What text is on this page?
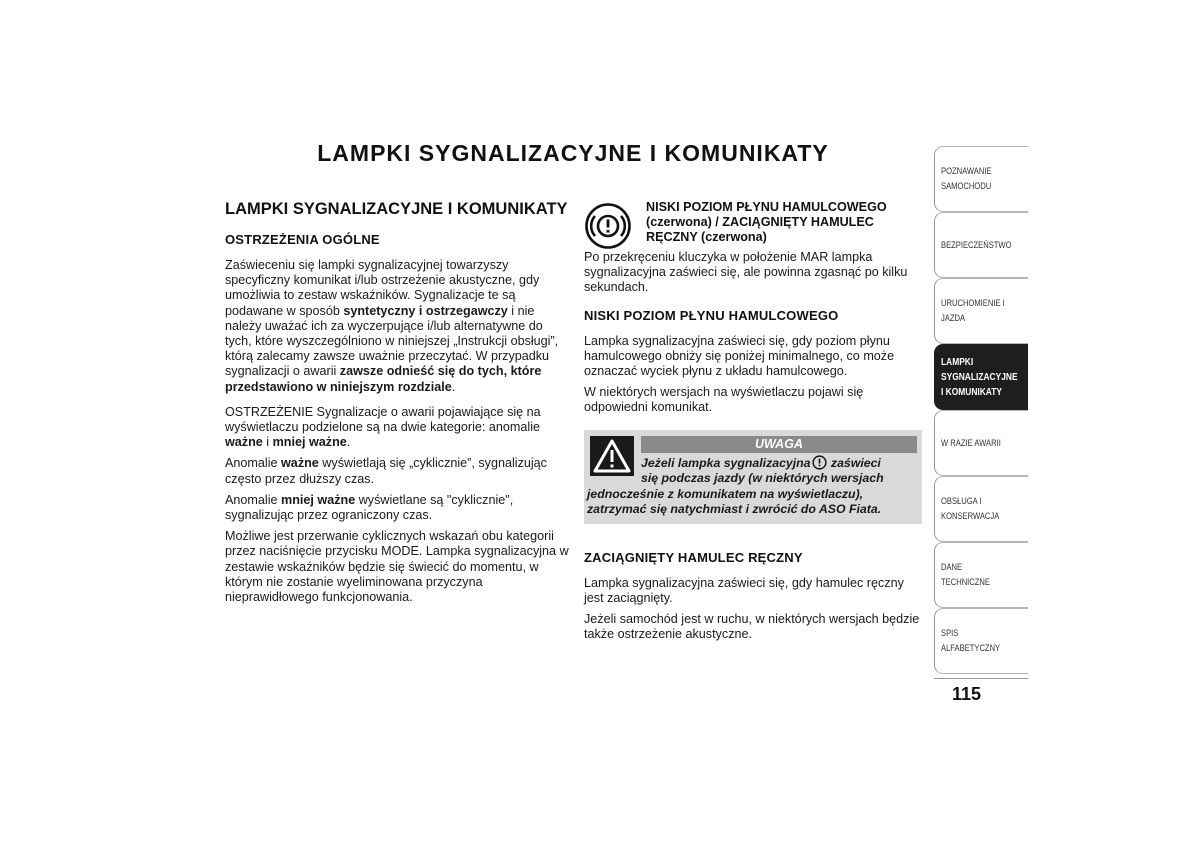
LAMPKI SYGNALIZACYJNE I KOMUNIKATY
LAMPKI SYGNALIZACYJNE I KOMUNIKATY
OSTRZEŻENIA OGÓLNE

Zaświeceniu się lampki sygnalizacyjnej towarzyszy specyficzny komunikat i/lub ostrzeżenie akustyczne, gdy umożliwia to zestaw wskaźników. Sygnalizacje te są podawane w sposób syntetyczny i ostrzegawczy i nie należy uważać ich za wyczerpujące i/lub alternatywne do tych, które wyszczególniono w niniejszej „Instrukcji obsługi”, którą zalecamy zawsze uważnie przeczytać. W przypadku sygnalizacji o awarii zawsze odnieść się do tych, które przedstawiono w niniejszym rozdziale.

OSTRZEŻENIE Sygnalizacje o awarii pojawiające się na wyświetlaczu podzielone są na dwie kategorie: anomalie ważne i mniej ważne.

Anomalie ważne wyświetlają się „cyklicznie”, sygnalizując często przez dłuższy czas.

Anomalie mniej ważne wyświetlane są "cyklicznie", sygnalizując przez ograniczony czas.

Możliwe jest przerwanie cyklicznych wskazań obu kategorii przez naciśnięcie przycisku MODE. Lampka sygnalizacyjna w zestawie wskaźników będzie się świecić do momentu, w którym nie zostanie wyeliminowana przyczyna nieprawidłowego funkcjonowania.

NISKI POZIOM PŁYNU HAMULCOWEGO (czerwona) / ZACIĄGNIĘTY HAMULEC RĘCZNY (czerwona)

Po przekręceniu kluczyka w położenie MAR lampka sygnalizacyjna zaświeci się, ale powinna zgasnąć po kilku sekundach.

NISKI POZIOM PŁYNU HAMULCOWEGO

Lampka sygnalizacyjna zaświeci się, gdy poziom płynu hamulcowego obniży się poniżej minimalnego, co może oznaczać wyciek płynu z układu hamulcowego.

W niektórych wersjach na wyświetlaczu pojawi się odpowiedni komunikat.

UWAGA
Jeżeli lampka sygnalizacyjna zaświeci
się podczas jazdy (w niektórych wersjach
jednocześnie z komunikatem na wyświetlaczu), zatrzymać się natychmiast i zwrócić do ASO Fiata.
ZACIĄGNIĘTY HAMULEC RĘCZNY

Lampka sygnalizacyjna zaświeci się, gdy hamulec ręczny jest zaciągnięty.

Jeżeli samochód jest w ruchu, w niektórych wersjach będzie także ostrzeżenie akustyczne.

POZNAWANIE SAMOCHODU
BEZPIECZEŃSTWO
URUCHOMIENIE I JAZDA
LAMPKI SYGNALIZACYJNE I KOMUNIKATY
W RAZIE AWARII
OBSŁUGA I KONSERWACJA
DANE TECHNICZNE
SPIS ALFABETYCZNY

115
